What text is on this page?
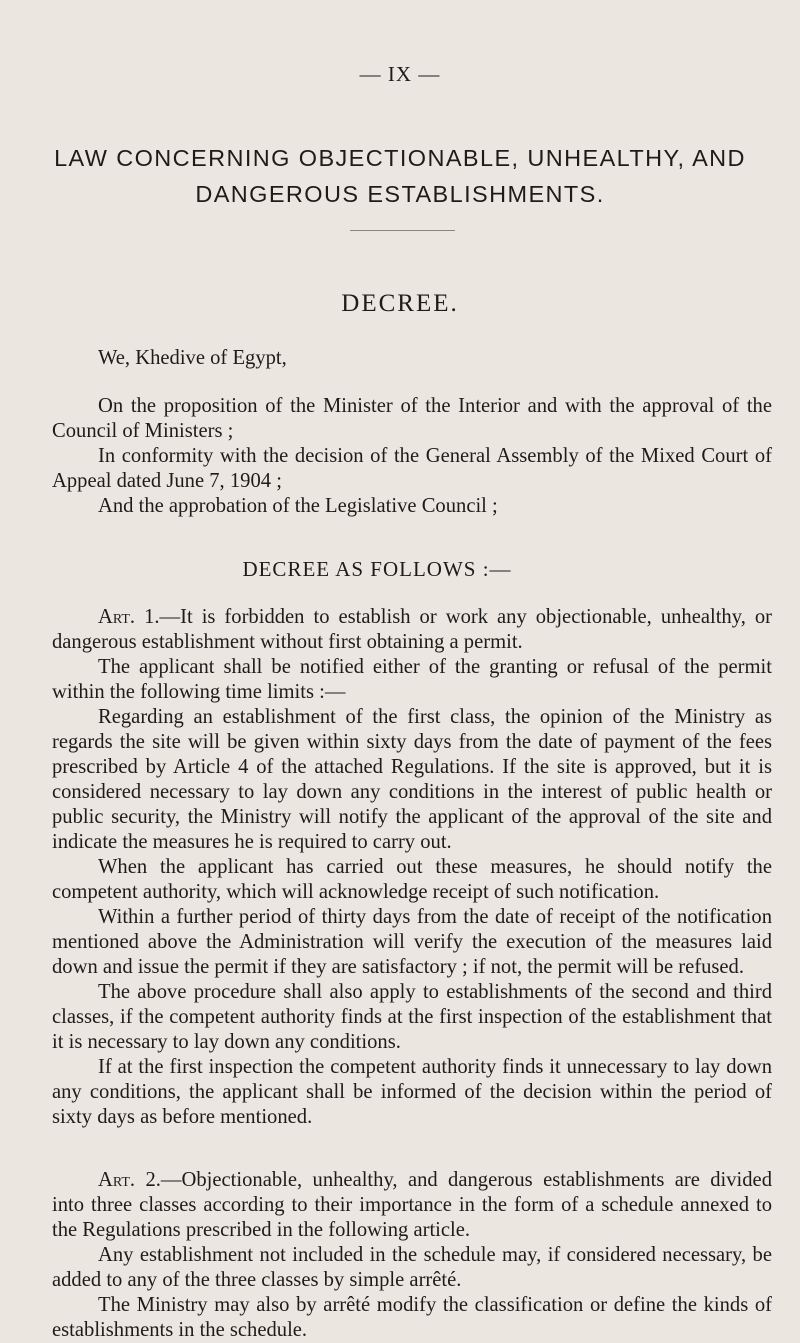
— IX —
LAW CONCERNING OBJECTIONABLE, UNHEALTHY, AND
DANGEROUS ESTABLISHMENTS.
DECREE.

We, Khedive of Egypt,

On the proposition of the Minister of the Interior and with the approval of the Council of Ministers ;

In conformity with the decision of the General Assembly of the Mixed Court of Appeal dated June 7, 1904 ;

And the approbation of the Legislative Council ;

DECREE AS FOLLOWS :—

Art. 1.—It is forbidden to establish or work any objectionable, unhealthy, or dangerous establishment without first obtaining a permit.

The applicant shall be notified either of the granting or refusal of the permit within the following time limits :—

Regarding an establishment of the first class, the opinion of the Ministry as regards the site will be given within sixty days from the date of payment of the fees prescribed by Article 4 of the attached Regulations. If the site is approved, but it is considered necessary to lay down any conditions in the interest of public health or public security, the Ministry will notify the applicant of the approval of the site and indicate the measures he is required to carry out.

When the applicant has carried out these measures, he should notify the competent authority, which will acknowledge receipt of such notification.

Within a further period of thirty days from the date of receipt of the notification mentioned above the Administration will verify the execution of the measures laid down and issue the permit if they are satisfactory ; if not, the permit will be refused.

The above procedure shall also apply to establishments of the second and third classes, if the competent authority finds at the first inspection of the establishment that it is necessary to lay down any conditions.

If at the first inspection the competent authority finds it unnecessary to lay down any conditions, the applicant shall be informed of the decision within the period of sixty days as before mentioned.

Art. 2.—Objectionable, unhealthy, and dangerous establishments are divided into three classes according to their importance in the form of a schedule annexed to the Regulations prescribed in the following article.

Any establishment not included in the schedule may, if considered necessary, be added to any of the three classes by simple arrêté.

The Ministry may also by arrêté modify the classification or define the kinds of establishments in the schedule.
